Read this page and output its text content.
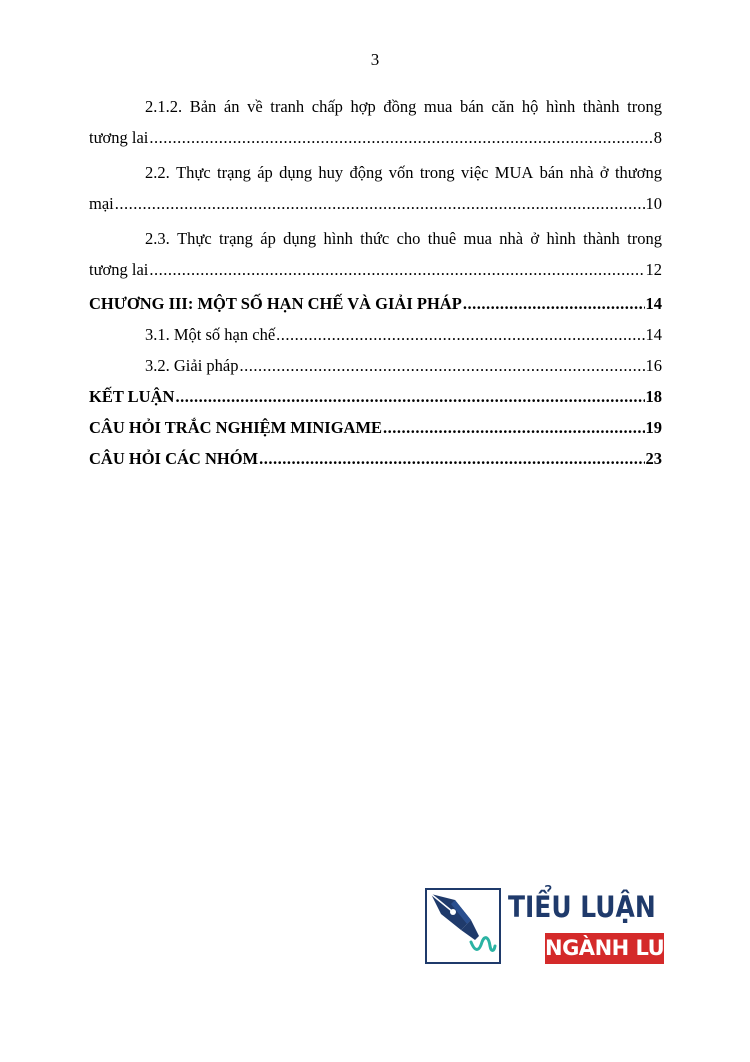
3
2.1.2. Bản án về tranh chấp hợp đồng mua bán căn hộ hình thành trong
tương lai .....	8
2.2. Thực trạng áp dụng huy động vốn trong việc MUA bán nhà ở thương
mại .....	10
2.3. Thực trạng áp dụng hình thức cho thuê mua nhà ở hình thành trong
tương lai .....	12
CHƯƠNG III: MỘT SỐ HẠN CHẾ VÀ GIẢI PHÁP .....	14
3.1. Một số hạn chế .....	14
3.2. Giải pháp .....	16
KẾT LUẬN .....	18
CÂU HỎI TRẮC NGHIỆM MINIGAME .....	19
CÂU HỎI CÁC NHÓM .....	23
TIỂU LUẬN
NGÀNH LUẬT
